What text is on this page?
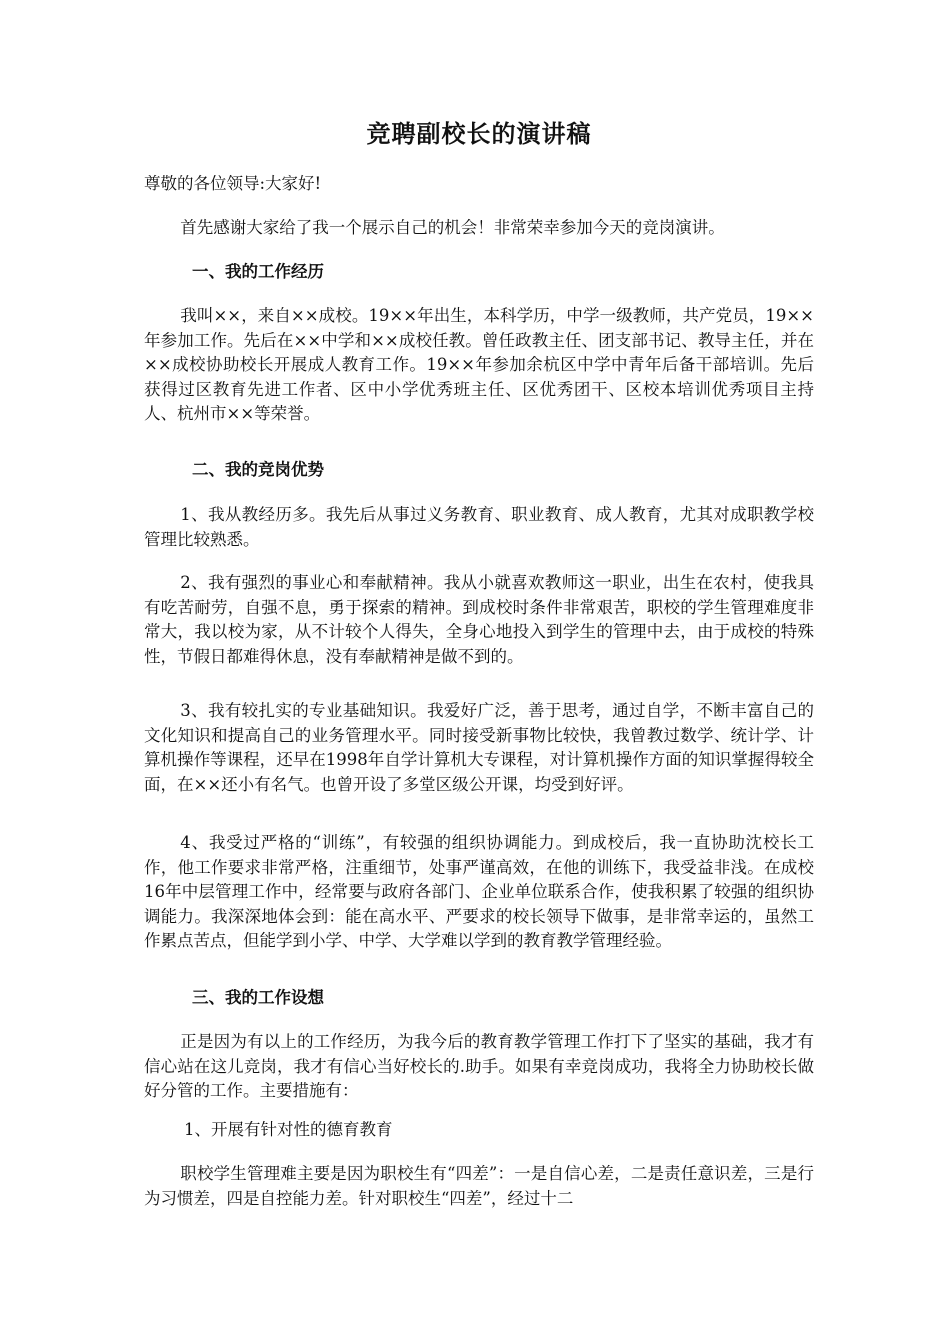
竞聘副校长的演讲稿

尊敬的各位领导:大家好!

首先感谢大家给了我一个展示自己的机会！非常荣幸参加今天的竞岗演讲。

一、我的工作经历

我叫××，来自××成校。19××年出生，本科学历，中学一级教师，共产党员，19××年参加工作。先后在××中学和××成校任教。曾任政教主任、团支部书记、教导主任，并在××成校协助校长开展成人教育工作。19××年参加余杭区中学中青年后备干部培训。先后获得过区教育先进工作者、区中小学优秀班主任、区优秀团干、区校本培训优秀项目主持人、杭州市××等荣誉。

二、我的竞岗优势

1、我从教经历多。我先后从事过义务教育、职业教育、成人教育，尤其对成职教学校管理比较熟悉。

2、我有强烈的事业心和奉献精神。我从小就喜欢教师这一职业，出生在农村，使我具有吃苦耐劳，自强不息，勇于探索的精神。到成校时条件非常艰苦，职校的学生管理难度非常大，我以校为家，从不计较个人得失，全身心地投入到学生的管理中去，由于成校的特殊性，节假日都难得休息，没有奉献精神是做不到的。

3、我有较扎实的专业基础知识。我爱好广泛，善于思考，通过自学，不断丰富自己的文化知识和提高自己的业务管理水平。同时接受新事物比较快，我曾教过数学、统计学、计算机操作等课程，还早在1998年自学计算机大专课程，对计算机操作方面的知识掌握得较全面，在××还小有名气。也曾开设了多堂区级公开课，均受到好评。

4、我受过严格的“训练”，有较强的组织协调能力。到成校后，我一直协助沈校长工作，他工作要求非常严格，注重细节，处事严谨高效，在他的训练下，我受益非浅。在成校16年中层管理工作中，经常要与政府各部门、企业单位联系合作，使我积累了较强的组织协调能力。我深深地体会到：能在高水平、严要求的校长领导下做事，是非常幸运的，虽然工作累点苦点，但能学到小学、中学、大学难以学到的教育教学管理经验。

三、我的工作设想

正是因为有以上的工作经历，为我今后的教育教学管理工作打下了坚实的基础，我才有信心站在这儿竞岗，我才有信心当好校长的.助手。如果有幸竞岗成功，我将全力协助校长做好分管的工作。主要措施有：

1、开展有针对性的德育教育

职校学生管理难主要是因为职校生有“四差”：一是自信心差，二是责任意识差，三是行为习惯差，四是自控能力差。针对职校生“四差”，经过十二
